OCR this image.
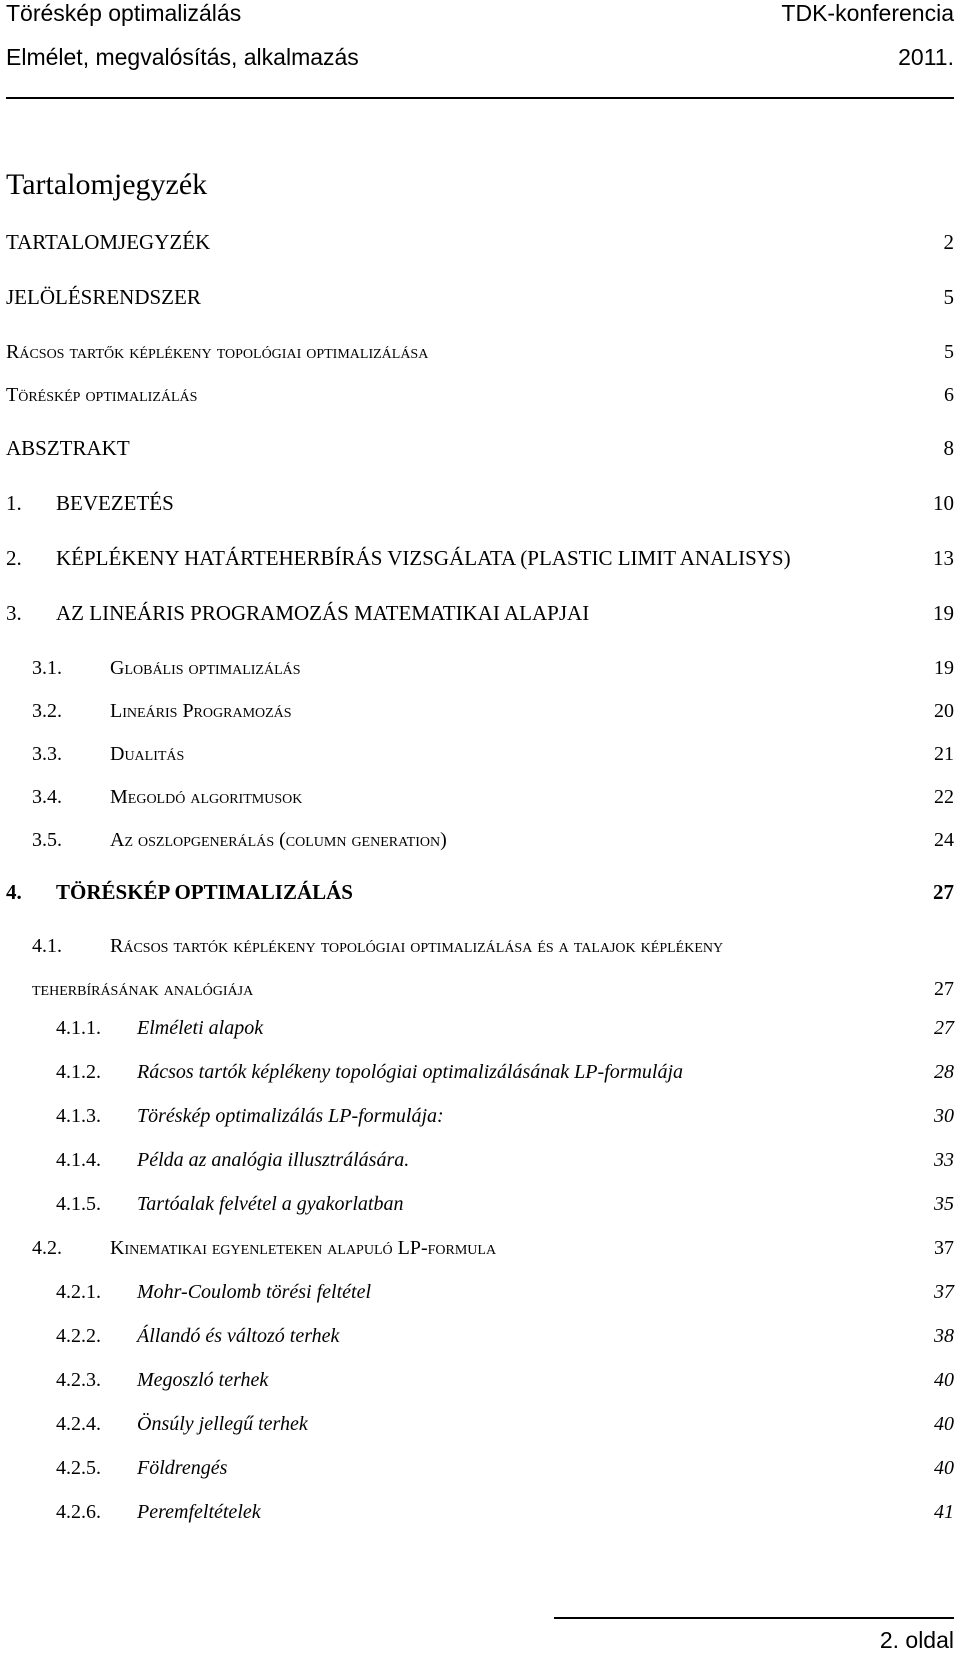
Töréskép optimalizálás	TDK-konferencia
Elmélet, megvalósítás, alkalmazás	2011.
Tartalomjegyzék
TARTALOMJEGYZÉK	2
JELÖLÉSRENDSZER	5
Rácsos tartők képlékeny topológiai optimalizálása	5
Töréskép optimalizálás	6
ABSZTRAKT	8
1. BEVEZETÉS	10
2. KÉPLÉKENY HATÁRTEHERBÍRÁS VIZSGÁLATA (PLASTIC LIMIT ANALISYS)	13
3. AZ LINEÁRIS PROGRAMOZÁS MATEMATIKAI ALAPJAI	19
3.1. Globális optimalizálás	19
3.2. Lineáris Programozás	20
3.3. Dualitás	21
3.4. Megoldó algoritmusok	22
3.5. Az oszlopgenerálás (column generation)	24
4. TÖRÉSKÉP OPTIMALIZÁLÁS	27
4.1. Rácsos tartók képlékeny topológiai optimalizálása és a talajok képlékeny
teherbírásának analógiája	27
4.1.1. Elméleti alapok	27
4.1.2. Rácsos tartók képlékeny topológiai optimalizálásának LP-formulája	28
4.1.3. Töréskép optimalizálás LP-formulája:	30
4.1.4. Példa az analógia illusztrálására.	33
4.1.5. Tartóalak felvétel a gyakorlatban	35
4.2. Kinematikai egyenleteken alapuló LP-formula	37
4.2.1. Mohr-Coulomb törési feltétel	37
4.2.2. Állandó és változó terhek	38
4.2.3. Megoszló terhek	40
4.2.4. Önsúly jellegű terhek	40
4.2.5. Földrengés	40
4.2.6. Peremfeltételek	41
2. oldal
